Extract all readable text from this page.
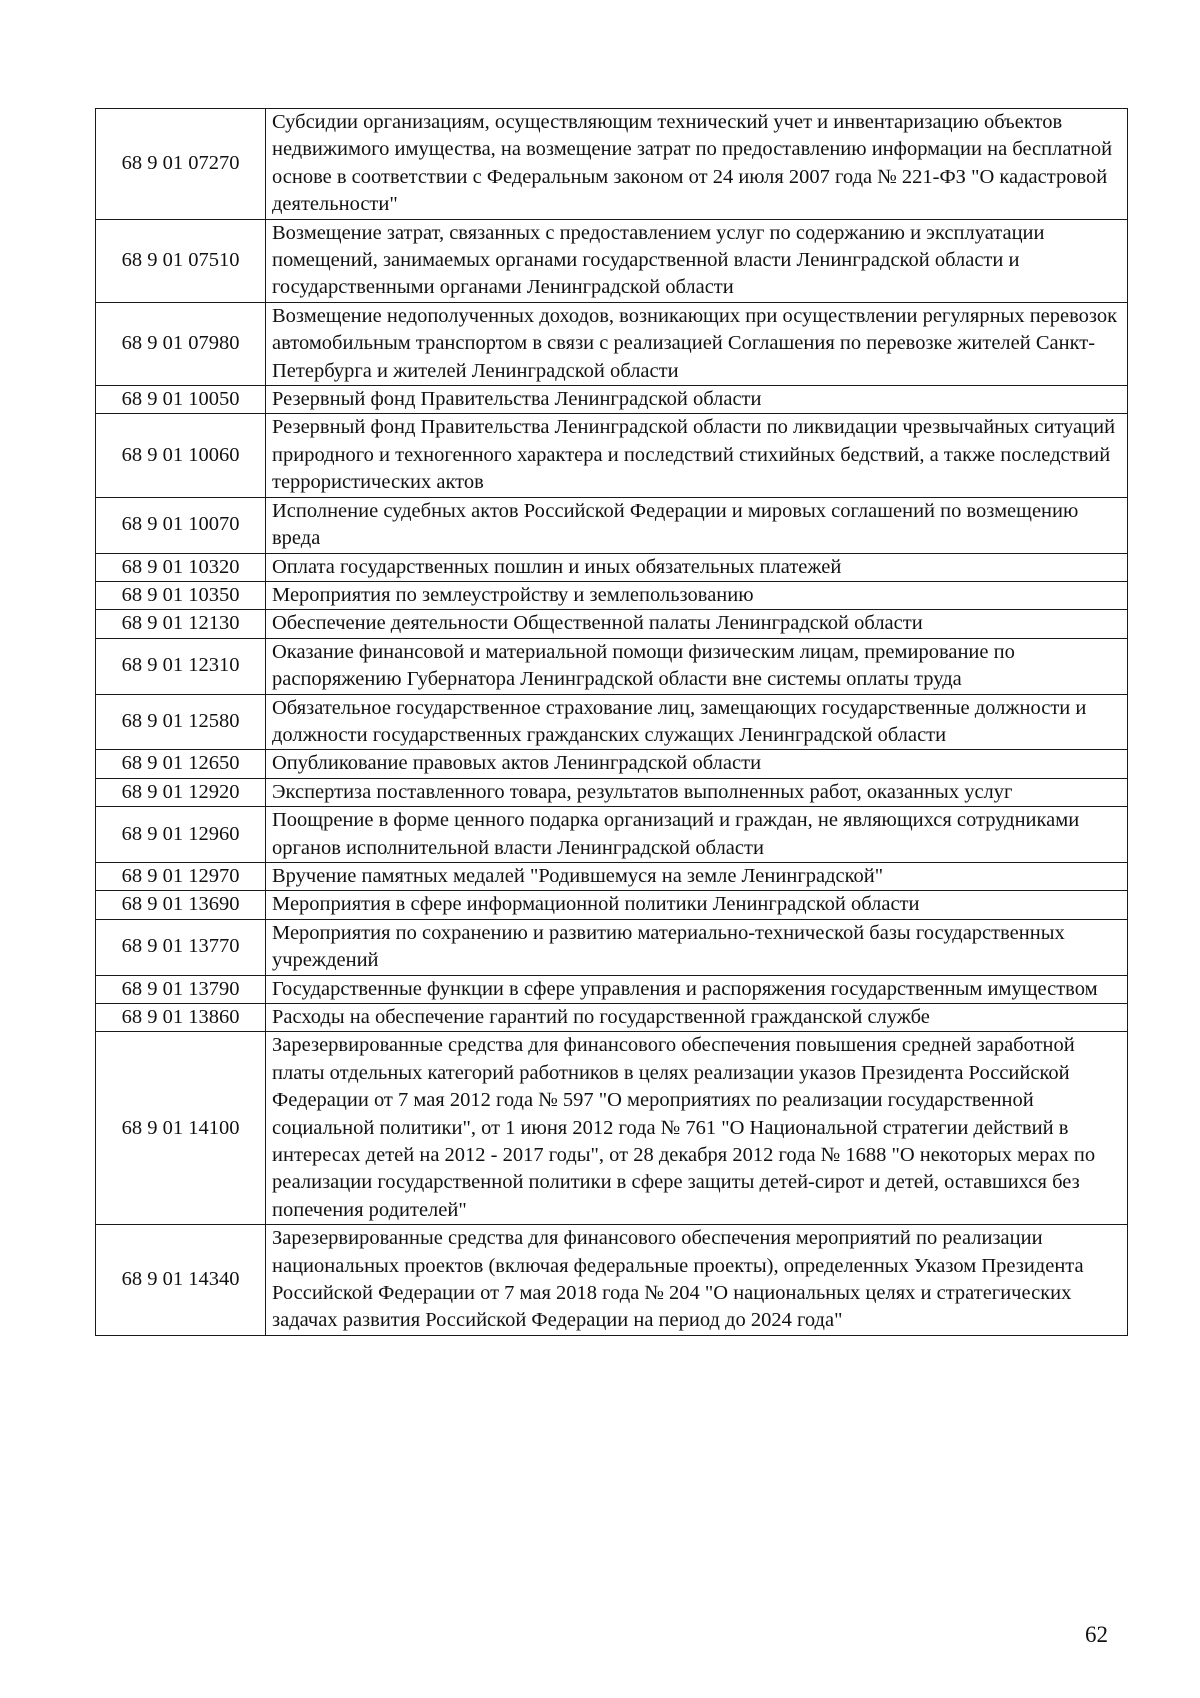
68 9 01 07270	Субсидии организациям, осуществляющим технический учет и инвентаризацию объектов недвижимого имущества, на возмещение затрат по предоставлению информации на бесплатной основе в соответствии с Федеральным законом от 24 июля 2007 года № 221-ФЗ "О кадастровой деятельности"
68 9 01 07510	Возмещение затрат, связанных с предоставлением услуг по содержанию и эксплуатации помещений, занимаемых органами государственной власти Ленинградской области и государственными органами Ленинградской области
68 9 01 07980	Возмещение недополученных доходов, возникающих при осуществлении регулярных перевозок автомобильным транспортом в связи с реализацией Соглашения по перевозке жителей Санкт-Петербурга и жителей Ленинградской области
68 9 01 10050	Резервный фонд Правительства Ленинградской области
68 9 01 10060	Резервный фонд Правительства Ленинградской области по ликвидации чрезвычайных ситуаций природного и техногенного характера и последствий стихийных бедствий, а также последствий террористических актов
68 9 01 10070	Исполнение судебных актов Российской Федерации и мировых соглашений по возмещению вреда
68 9 01 10320	Оплата государственных пошлин и иных обязательных платежей
68 9 01 10350	Мероприятия по землеустройству и землепользованию
68 9 01 12130	Обеспечение деятельности Общественной палаты Ленинградской области
68 9 01 12310	Оказание финансовой и материальной помощи физическим лицам, премирование по распоряжению Губернатора Ленинградской области вне системы оплаты труда
68 9 01 12580	Обязательное государственное страхование лиц, замещающих государственные должности и должности государственных гражданских служащих Ленинградской области
68 9 01 12650	Опубликование правовых актов Ленинградской области
68 9 01 12920	Экспертиза поставленного товара, результатов выполненных работ, оказанных услуг
68 9 01 12960	Поощрение в форме ценного подарка организаций и граждан, не являющихся сотрудниками органов исполнительной власти Ленинградской области
68 9 01 12970	Вручение памятных медалей "Родившемуся на земле Ленинградской"
68 9 01 13690	Мероприятия в сфере информационной политики Ленинградской области
68 9 01 13770	Мероприятия по сохранению и развитию материально-технической базы государственных учреждений
68 9 01 13790	Государственные функции в сфере управления и распоряжения государственным имуществом
68 9 01 13860	Расходы на обеспечение гарантий по государственной гражданской службе
68 9 01 14100	Зарезервированные средства для финансового обеспечения повышения средней заработной платы отдельных категорий работников в целях реализации указов Президента Российской Федерации от 7 мая 2012 года № 597 "О мероприятиях по реализации государственной социальной политики", от 1 июня 2012 года № 761 "О Национальной стратегии действий в интересах детей на 2012 - 2017 годы", от 28 декабря 2012 года № 1688 "О некоторых мерах по реализации государственной политики в сфере защиты детей-сирот и детей, оставшихся без попечения родителей"
68 9 01 14340	Зарезервированные средства для финансового обеспечения мероприятий по реализации национальных проектов (включая федеральные проекты), определенных Указом Президента Российской Федерации от 7 мая 2018 года № 204 "О национальных целях и стратегических задачах развития Российской Федерации на период до 2024 года"
62
